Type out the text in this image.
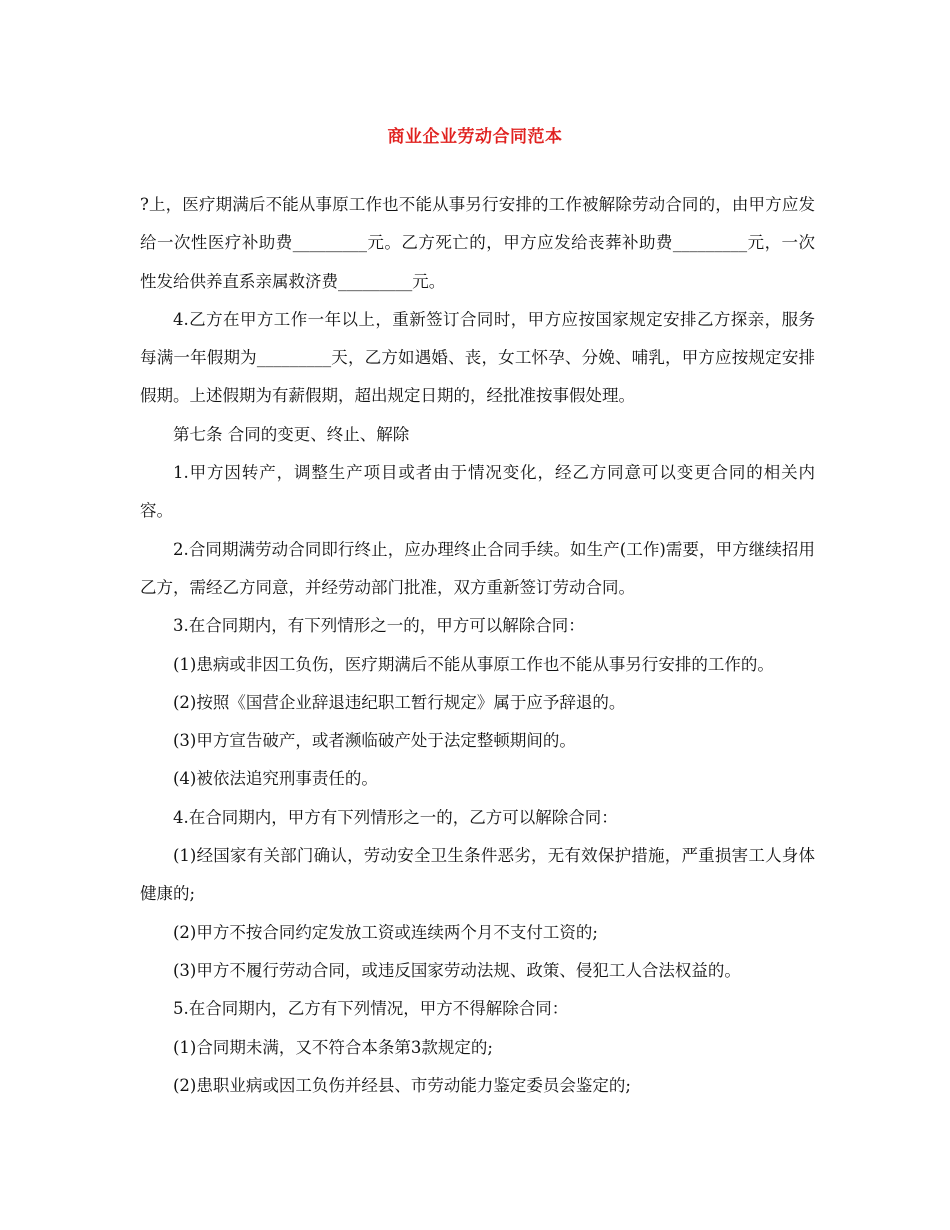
商业企业劳动合同范本

?上，医疗期满后不能从事原工作也不能从事另行安排的工作被解除劳动合同的，由甲方应发给一次性医疗补助费_________元。乙方死亡的，甲方应发给丧葬补助费_________元，一次性发给供养直系亲属救济费_________元。

4.乙方在甲方工作一年以上，重新签订合同时，甲方应按国家规定安排乙方探亲，服务每满一年假期为_________天，乙方如遇婚、丧，女工怀孕、分娩、哺乳，甲方应按规定安排假期。上述假期为有薪假期，超出规定日期的，经批准按事假处理。

第七条 合同的变更、终止、解除

1.甲方因转产，调整生产项目或者由于情况变化，经乙方同意可以变更合同的相关内容。

2.合同期满劳动合同即行终止，应办理终止合同手续。如生产(工作)需要，甲方继续招用乙方，需经乙方同意，并经劳动部门批准，双方重新签订劳动合同。

3.在合同期内，有下列情形之一的，甲方可以解除合同：

(1)患病或非因工负伤，医疗期满后不能从事原工作也不能从事另行安排的工作的。

(2)按照《国营企业辞退违纪职工暂行规定》属于应予辞退的。

(3)甲方宣告破产，或者濒临破产处于法定整顿期间的。

(4)被依法追究刑事责任的。

4.在合同期内，甲方有下列情形之一的，乙方可以解除合同：

(1)经国家有关部门确认，劳动安全卫生条件恶劣，无有效保护措施，严重损害工人身体健康的;

(2)甲方不按合同约定发放工资或连续两个月不支付工资的;

(3)甲方不履行劳动合同，或违反国家劳动法规、政策、侵犯工人合法权益的。

5.在合同期内，乙方有下列情况，甲方不得解除合同：

(1)合同期未满，又不符合本条第3款规定的;

(2)患职业病或因工负伤并经县、市劳动能力鉴定委员会鉴定的;
